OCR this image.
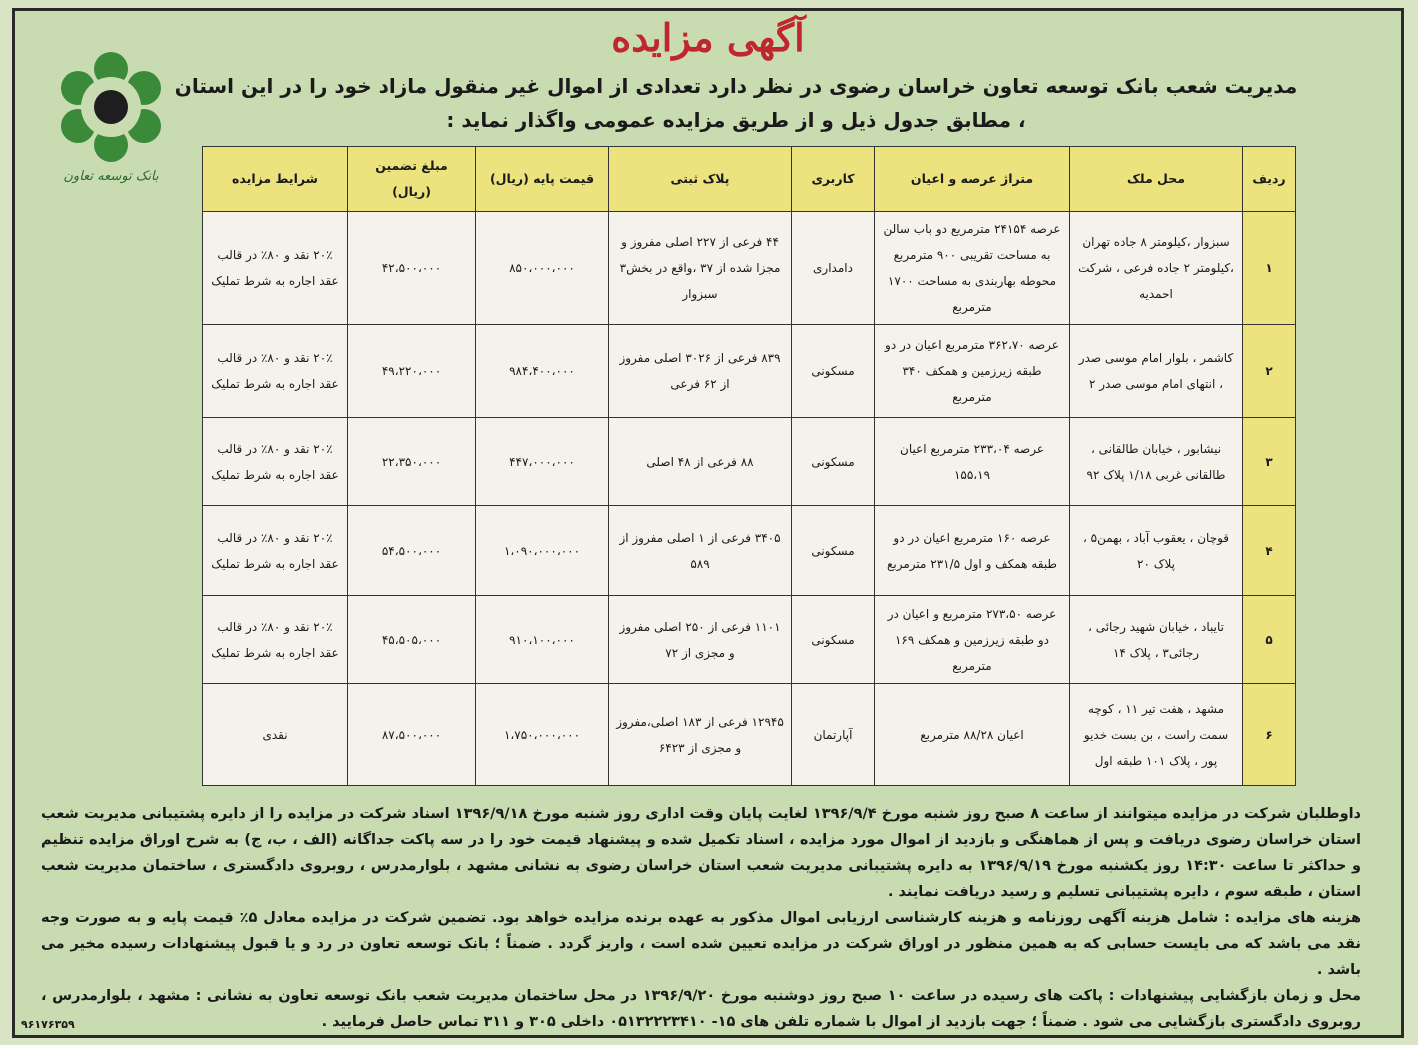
آگهی مزایده
بانک توسعه تعاون
مدیریت شعب بانک توسعه تعاون خراسان رضوی در نظر دارد تعدادی از اموال غیر منقول مازاد خود را در این استان ، مطابق جدول ذیل و از طریق مزایده عمومی واگذار نماید :
ردیف	محل ملک	متراژ عرصه و اعیان	کاربری	پلاک ثبتی	قیمت پایه (ریال)	مبلغ تضمین (ریال)	شرایط مزایده
۱	سبزوار ،کیلومتر ۸ جاده تهران ،کیلومتر ۲ جاده فرعی ، شرکت احمدیه	عرصه ۲۴۱۵۴ مترمربع دو باب سالن به مساحت تقریبی ۹۰۰ مترمربع محوطه بهاربندی به مساحت ۱۷۰۰ مترمربع	دامداری	۴۴ فرعی از ۲۲۷ اصلی مفروز و مجزا شده از ۳۷ ،واقع در بخش۳ سبزوار	۸۵۰،۰۰۰،۰۰۰	۴۲،۵۰۰،۰۰۰	۲۰٪ نقد و ۸۰٪ در قالب عقد اجاره به شرط تملیک
۲	کاشمر ، بلوار امام موسی صدر ، انتهای امام موسی صدر ۲	عرصه ۳۶۲،۷۰ مترمربع اعیان در دو طبقه زیرزمین و همکف ۳۴۰ مترمربع	مسکونی	۸۳۹ فرعی از ۳۰۲۶ اصلی مفروز از ۶۲ فرعی	۹۸۴،۴۰۰،۰۰۰	۴۹،۲۲۰،۰۰۰	۲۰٪ نقد و ۸۰٪ در قالب عقد اجاره به شرط تملیک
۳	نیشابور ، خیابان طالقانی ، طالقانی غربی ۱/۱۸ پلاک ۹۲	عرصه ۲۳۳،۰۴ مترمربع اعیان ۱۵۵،۱۹	مسکونی	۸۸ فرعی از ۴۸ اصلی	۴۴۷،۰۰۰،۰۰۰	۲۲،۳۵۰،۰۰۰	۲۰٪ نقد و ۸۰٪ در قالب عقد اجاره به شرط تملیک
۴	قوچان ، یعقوب آباد ، بهمن۵ ، پلاک ۲۰	عرصه ۱۶۰ مترمربع اعیان در دو طبقه همکف و اول ۲۳۱/۵ مترمربع	مسکونی	۳۴۰۵ فرعی از ۱ اصلی مفروز از ۵۸۹	۱،۰۹۰،۰۰۰،۰۰۰	۵۴،۵۰۰،۰۰۰	۲۰٪ نقد و ۸۰٪ در قالب عقد اجاره به شرط تملیک
۵	تایباد ، خیابان شهید رجائی ، رجائی۳ ، پلاک ۱۴	عرصه ۲۷۳،۵۰ مترمربع و اعیان در دو طبقه زیرزمین و همکف ۱۶۹ مترمربع	مسکونی	۱۱۰۱ فرعی از ۲۵۰ اصلی مفروز و مجزی از ۷۲	۹۱۰،۱۰۰،۰۰۰	۴۵،۵۰۵،۰۰۰	۲۰٪ نقد و ۸۰٪ در قالب عقد اجاره به شرط تملیک
۶	مشهد ، هفت تیر ۱۱ ، کوچه سمت راست ، بن بست خدیو پور ، پلاک ۱۰۱ طبقه اول	اعیان ۸۸/۲۸ مترمربع	آپارتمان	۱۲۹۴۵ فرعی از ۱۸۳ اصلی،مفروز و مجزی از ۶۴۲۳	۱،۷۵۰،۰۰۰،۰۰۰	۸۷،۵۰۰،۰۰۰	نقدی

داوطلبان شرکت در مزایده میتوانند از ساعت ۸ صبح روز شنبه مورخ ۱۳۹۶/۹/۴ لغایت پایان وقت اداری روز شنبه مورخ ۱۳۹۶/۹/۱۸ اسناد شرکت در مزایده را از دایره پشتیبانی مدیریت شعب استان خراسان رضوی دریافت و پس از هماهنگی و بازدید از اموال مورد مزایده ، اسناد تکمیل شده و پیشنهاد قیمت خود را در سه پاکت جداگانه (الف ، ب، ج) به شرح اوراق مزایده تنظیم و حداکثر تا ساعت ۱۴:۳۰ روز یکشنبه مورخ ۱۳۹۶/۹/۱۹ به دایره پشتیبانی مدیریت شعب استان خراسان رضوی به نشانی مشهد ، بلوارمدرس ، روبروی دادگستری ، ساختمان مدیریت شعب استان ، طبقه سوم ، دایره پشتیبانی تسلیم و رسید دریافت نمایند .

هزینه های مزایده : شامل هزینه آگهی روزنامه و هزینه کارشناسی ارزیابی اموال مذکور به عهده برنده مزایده خواهد بود. تضمین شرکت در مزایده معادل ۵٪ قیمت پایه و به صورت وجه نقد می باشد که می بایست حسابی که به همین منظور در اوراق شرکت در مزایده تعیین شده است ، واریز گردد . ضمناً ؛ بانک توسعه تعاون در رد و یا قبول پیشنهادات رسیده مخیر می باشد .

محل و زمان بازگشایی پیشنهادات : پاکت های رسیده در ساعت ۱۰ صبح روز دوشنبه مورخ ۱۳۹۶/۹/۲۰ در محل ساختمان مدیریت شعب بانک توسعه تعاون به نشانی : مشهد ، بلوارمدرس ، روبروی دادگستری بازگشایی می شود . ضمناً ؛ جهت بازدید از اموال با شماره تلفن های ۱۵- ۰۵۱۳۲۲۲۳۴۱۰ داخلی ۳۰۵ و ۳۱۱ تماس حاصل فرمایید .

۹۶۱۷۶۳۵۹
